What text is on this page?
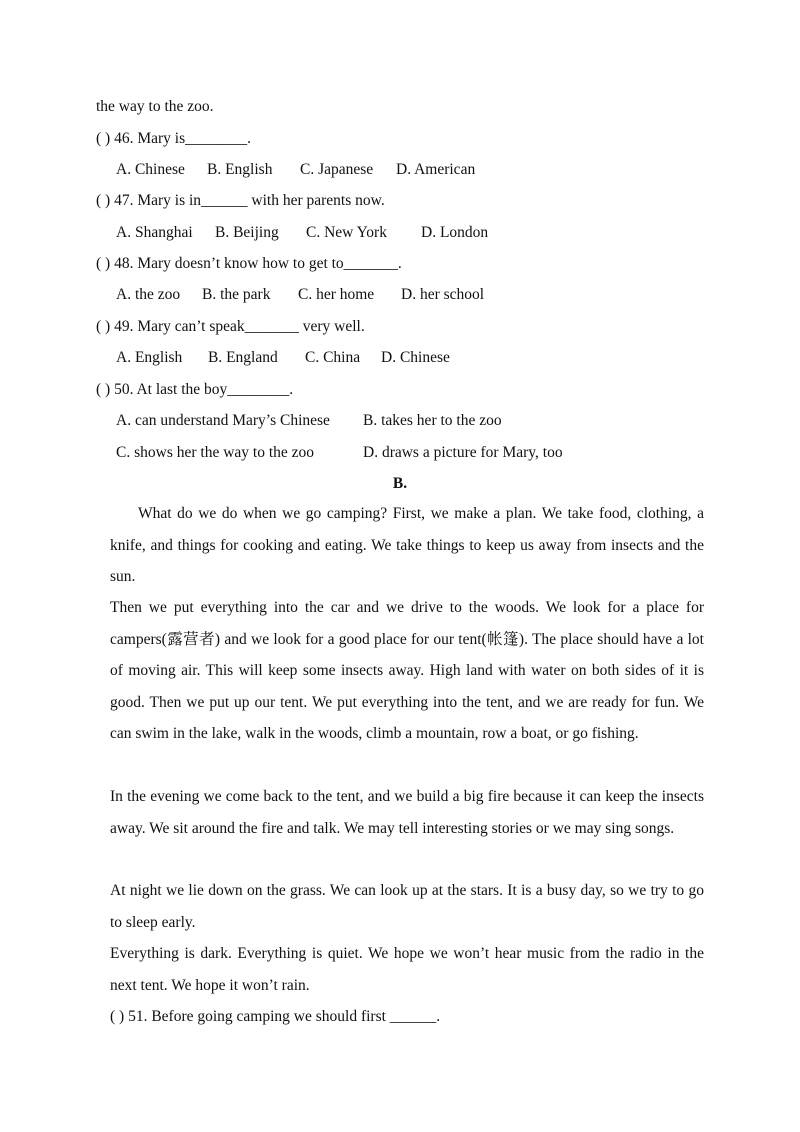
the way to the zoo.
( ) 46. Mary is________.
A. Chinese B. English C. Japanese D. American
( ) 47. Mary is in______ with her parents now.
A. Shanghai B. Beijing C. New York D. London
( ) 48. Mary doesn’t know how to get to_______.
A. the zoo B. the park C. her home D. her school
( ) 49. Mary can’t speak_______ very well.
A. English B. England C. China D. Chinese
( ) 50. At last the boy________.
A. can understand Mary’s Chinese B. takes her to the zoo
C. shows her the way to the zoo	D. draws a picture for Mary, too
B.
What do we do when we go camping? First, we make a plan. We take food, clothing, a knife, and things for cooking and eating. We take things to keep us away from insects and the sun.
Then we put everything into the car and we drive to the woods. We look for a place for campers(露营者) and we look for a good place for our tent(帐篷). The place should have a lot of moving air. This will keep some insects away. High land with water on both sides of it is good. Then we put up our tent. We put everything into the tent, and we are ready for fun. We can swim in the lake, walk in the woods, climb a mountain, row a boat, or go fishing.
In the evening we come back to the tent, and we build a big fire because it can keep the insects away. We sit around the fire and talk. We may tell interesting stories or we may sing songs.
At night we lie down on the grass. We can look up at the stars. It is a busy day, so we try to go to sleep early.
Everything is dark. Everything is quiet. We hope we won’t hear music from the radio in the next tent. We hope it won’t rain.
( ) 51. Before going camping we should first ______.
